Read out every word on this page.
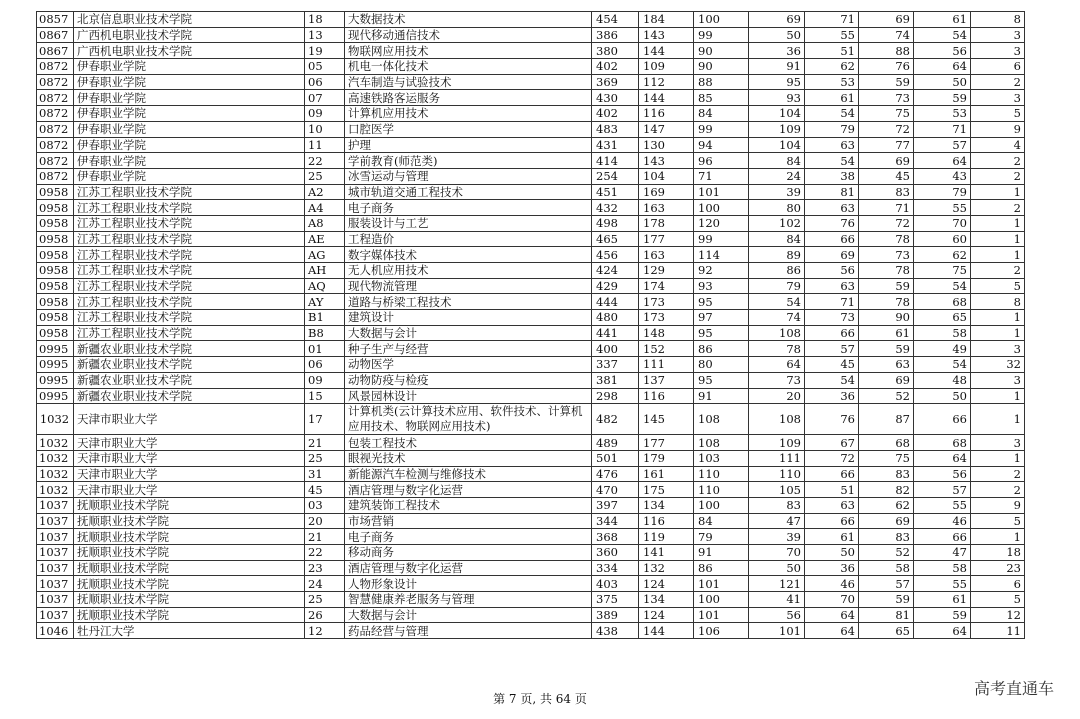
0857	北京信息职业技术学院	18	大数据技术	454	184	100	69	71	69	61	8
0867	广西机电职业技术学院	13	现代移动通信技术	386	143	99	50	55	74	54	3
0867	广西机电职业技术学院	19	物联网应用技术	380	144	90	36	51	88	56	3
0872	伊春职业学院	05	机电一体化技术	402	109	90	91	62	76	64	6
0872	伊春职业学院	06	汽车制造与试验技术	369	112	88	95	53	59	50	2
0872	伊春职业学院	07	高速铁路客运服务	430	144	85	93	61	73	59	3
0872	伊春职业学院	09	计算机应用技术	402	116	84	104	54	75	53	5
0872	伊春职业学院	10	口腔医学	483	147	99	109	79	72	71	9
0872	伊春职业学院	11	护理	431	130	94	104	63	77	57	4
0872	伊春职业学院	22	学前教育(师范类)	414	143	96	84	54	69	64	2
0872	伊春职业学院	25	冰雪运动与管理	254	104	71	24	38	45	43	2
0958	江苏工程职业技术学院	A2	城市轨道交通工程技术	451	169	101	39	81	83	79	1
0958	江苏工程职业技术学院	A4	电子商务	432	163	100	80	63	71	55	2
0958	江苏工程职业技术学院	A8	服装设计与工艺	498	178	120	102	76	72	70	1
0958	江苏工程职业技术学院	AE	工程造价	465	177	99	84	66	78	60	1
0958	江苏工程职业技术学院	AG	数字媒体技术	456	163	114	89	69	73	62	1
0958	江苏工程职业技术学院	AH	无人机应用技术	424	129	92	86	56	78	75	2
0958	江苏工程职业技术学院	AQ	现代物流管理	429	174	93	79	63	59	54	5
0958	江苏工程职业技术学院	AY	道路与桥梁工程技术	444	173	95	54	71	78	68	8
0958	江苏工程职业技术学院	B1	建筑设计	480	173	97	74	73	90	65	1
0958	江苏工程职业技术学院	B8	大数据与会计	441	148	95	108	66	61	58	1
0995	新疆农业职业技术学院	01	种子生产与经营	400	152	86	78	57	59	49	3
0995	新疆农业职业技术学院	06	动物医学	337	111	80	64	45	63	54	32
0995	新疆农业职业技术学院	09	动物防疫与检疫	381	137	95	73	54	69	48	3
0995	新疆农业职业技术学院	15	风景园林设计	298	116	91	20	36	52	50	1
1032	天津市职业大学	17	计算机类(云计算技术应用、软件技术、计算机应用技术、物联网应用技术)	482	145	108	108	76	87	66	1
1032	天津市职业大学	21	包装工程技术	489	177	108	109	67	68	68	3
1032	天津市职业大学	25	眼视光技术	501	179	103	111	72	75	64	1
1032	天津市职业大学	31	新能源汽车检测与维修技术	476	161	110	110	66	83	56	2
1032	天津市职业大学	45	酒店管理与数字化运营	470	175	110	105	51	82	57	2
1037	抚顺职业技术学院	03	建筑装饰工程技术	397	134	100	83	63	62	55	9
1037	抚顺职业技术学院	20	市场营销	344	116	84	47	66	69	46	5
1037	抚顺职业技术学院	21	电子商务	368	119	79	39	61	83	66	1
1037	抚顺职业技术学院	22	移动商务	360	141	91	70	50	52	47	18
1037	抚顺职业技术学院	23	酒店管理与数字化运营	334	132	86	50	36	58	58	23
1037	抚顺职业技术学院	24	人物形象设计	403	124	101	121	46	57	55	6
1037	抚顺职业技术学院	25	智慧健康养老服务与管理	375	134	100	41	70	59	61	5
1037	抚顺职业技术学院	26	大数据与会计	389	124	101	56	64	81	59	12
1046	牡丹江大学	12	药品经营与管理	438	144	106	101	64	65	64	11
第 7 页, 共 64 页
高考直通车
